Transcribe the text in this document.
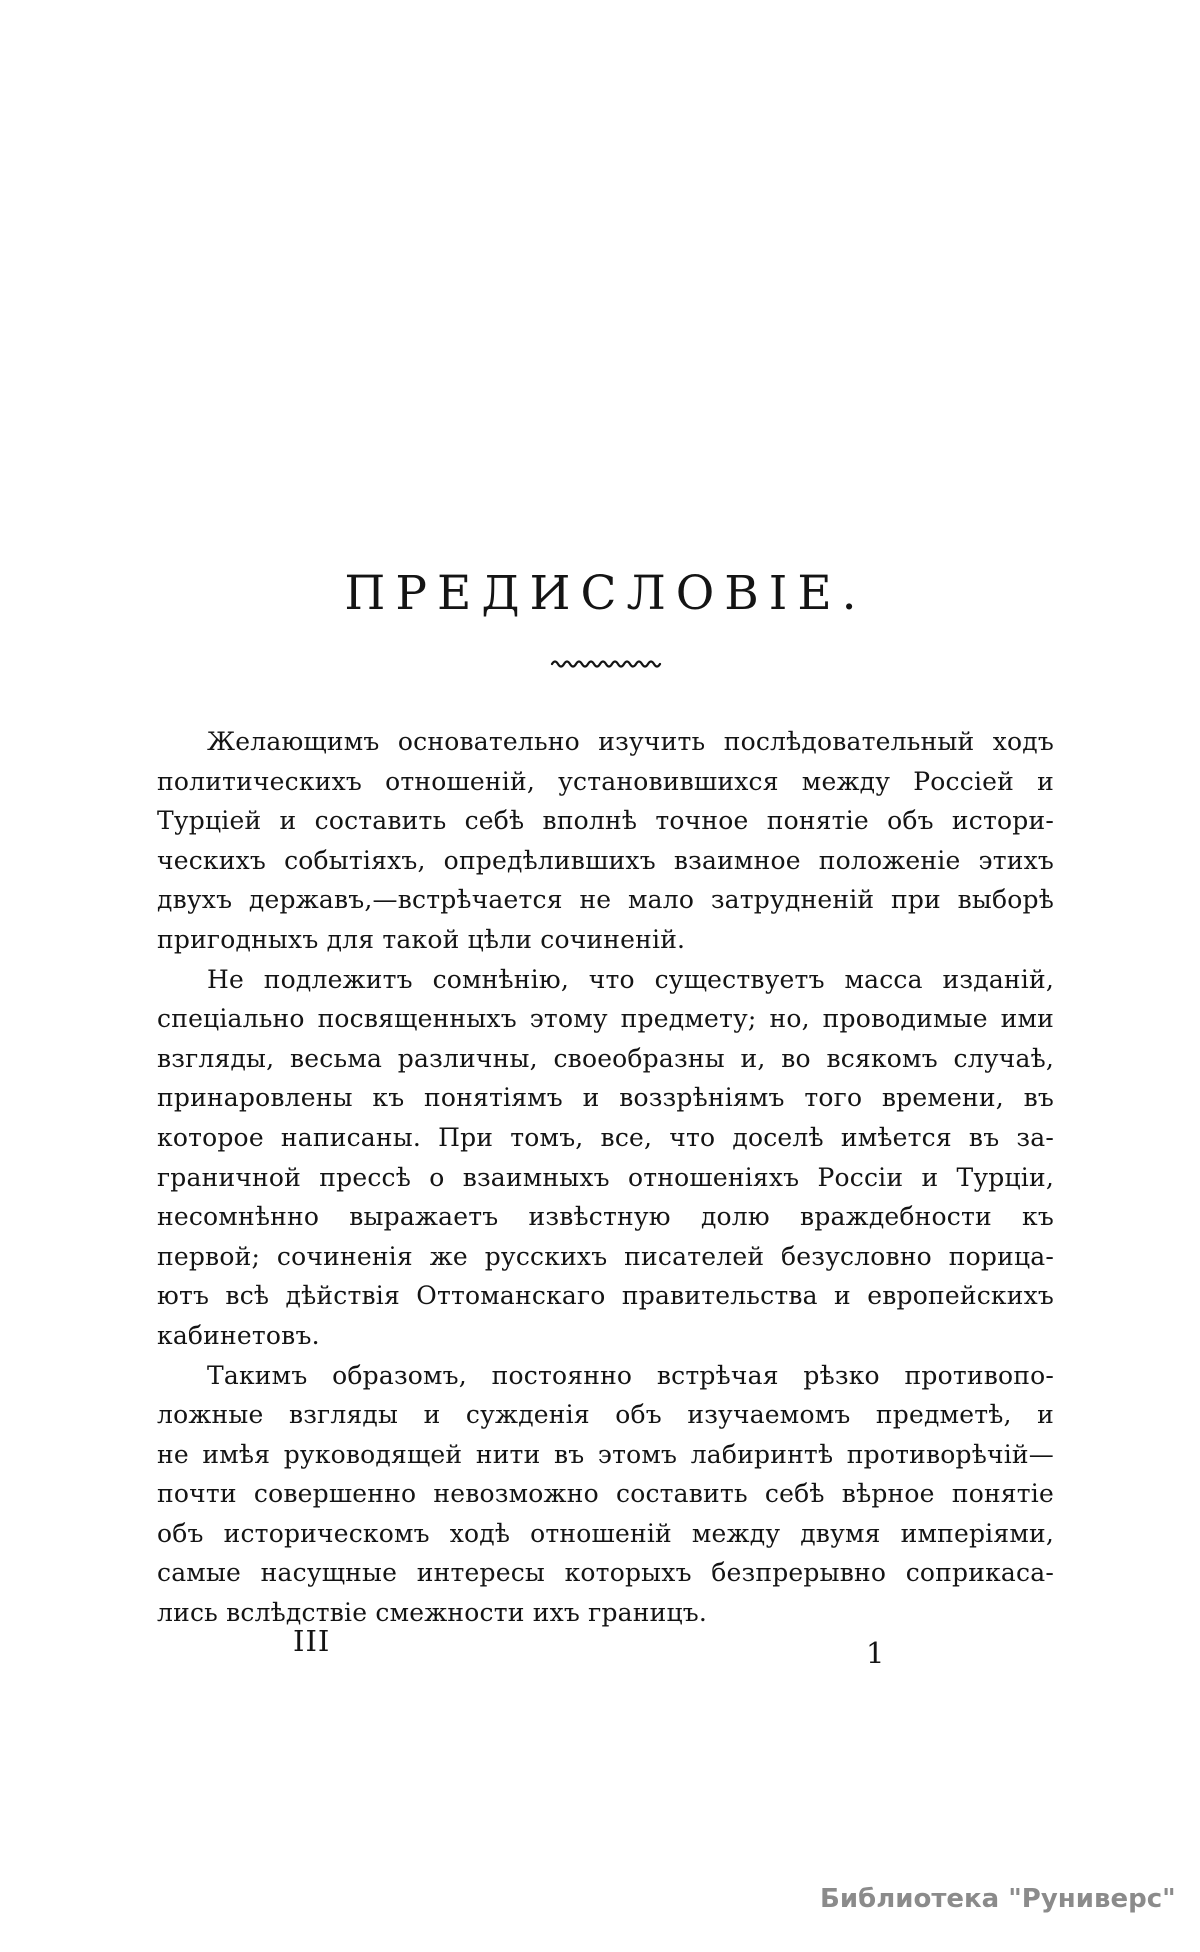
ПРЕДИСЛОВІЕ.
Желающимъ основательно изучить послѣдовательный ходъ
политическихъ отношеній, установившихся между Россіей и
Турціей и составить себѣ вполнѣ точное понятіе объ истори-
ческихъ событіяхъ, опредѣлившихъ взаимное положеніе этихъ
двухъ державъ,—встрѣчается не мало затрудненій при выборѣ
пригодныхъ для такой цѣли сочиненій.
Не подлежитъ сомнѣнію, что существуетъ масса изданій,
спеціально посвященныхъ этому предмету; но, проводимые ими
взгляды, весьма различны, своеобразны и, во всякомъ случаѣ,
принаровлены къ понятіямъ и воззрѣніямъ того времени, въ
которое написаны. При томъ, все, что доселѣ имѣется въ за-
граничной прессѣ о взаимныхъ отношеніяхъ Россіи и Турціи,
несомнѣнно выражаетъ извѣстную долю враждебности къ
первой; сочиненія же русскихъ писателей безусловно порица-
ютъ всѣ дѣйствія Оттоманскаго правительства и европейскихъ
кабинетовъ.
Такимъ образомъ, постоянно встрѣчая рѣзко противопо-
ложные взгляды и сужденія объ изучаемомъ предметѣ, и
не имѣя руководящей нити въ этомъ лабиринтѣ противорѣчій—
почти совершенно невозможно составить себѣ вѣрное понятіе
объ историческомъ ходѣ отношеній между двумя имперіями,
самые насущные интересы которыхъ безпрерывно соприкаса-
лись вслѣдствіе смежности ихъ границъ.
III	1
Библиотека "Руниверс"
